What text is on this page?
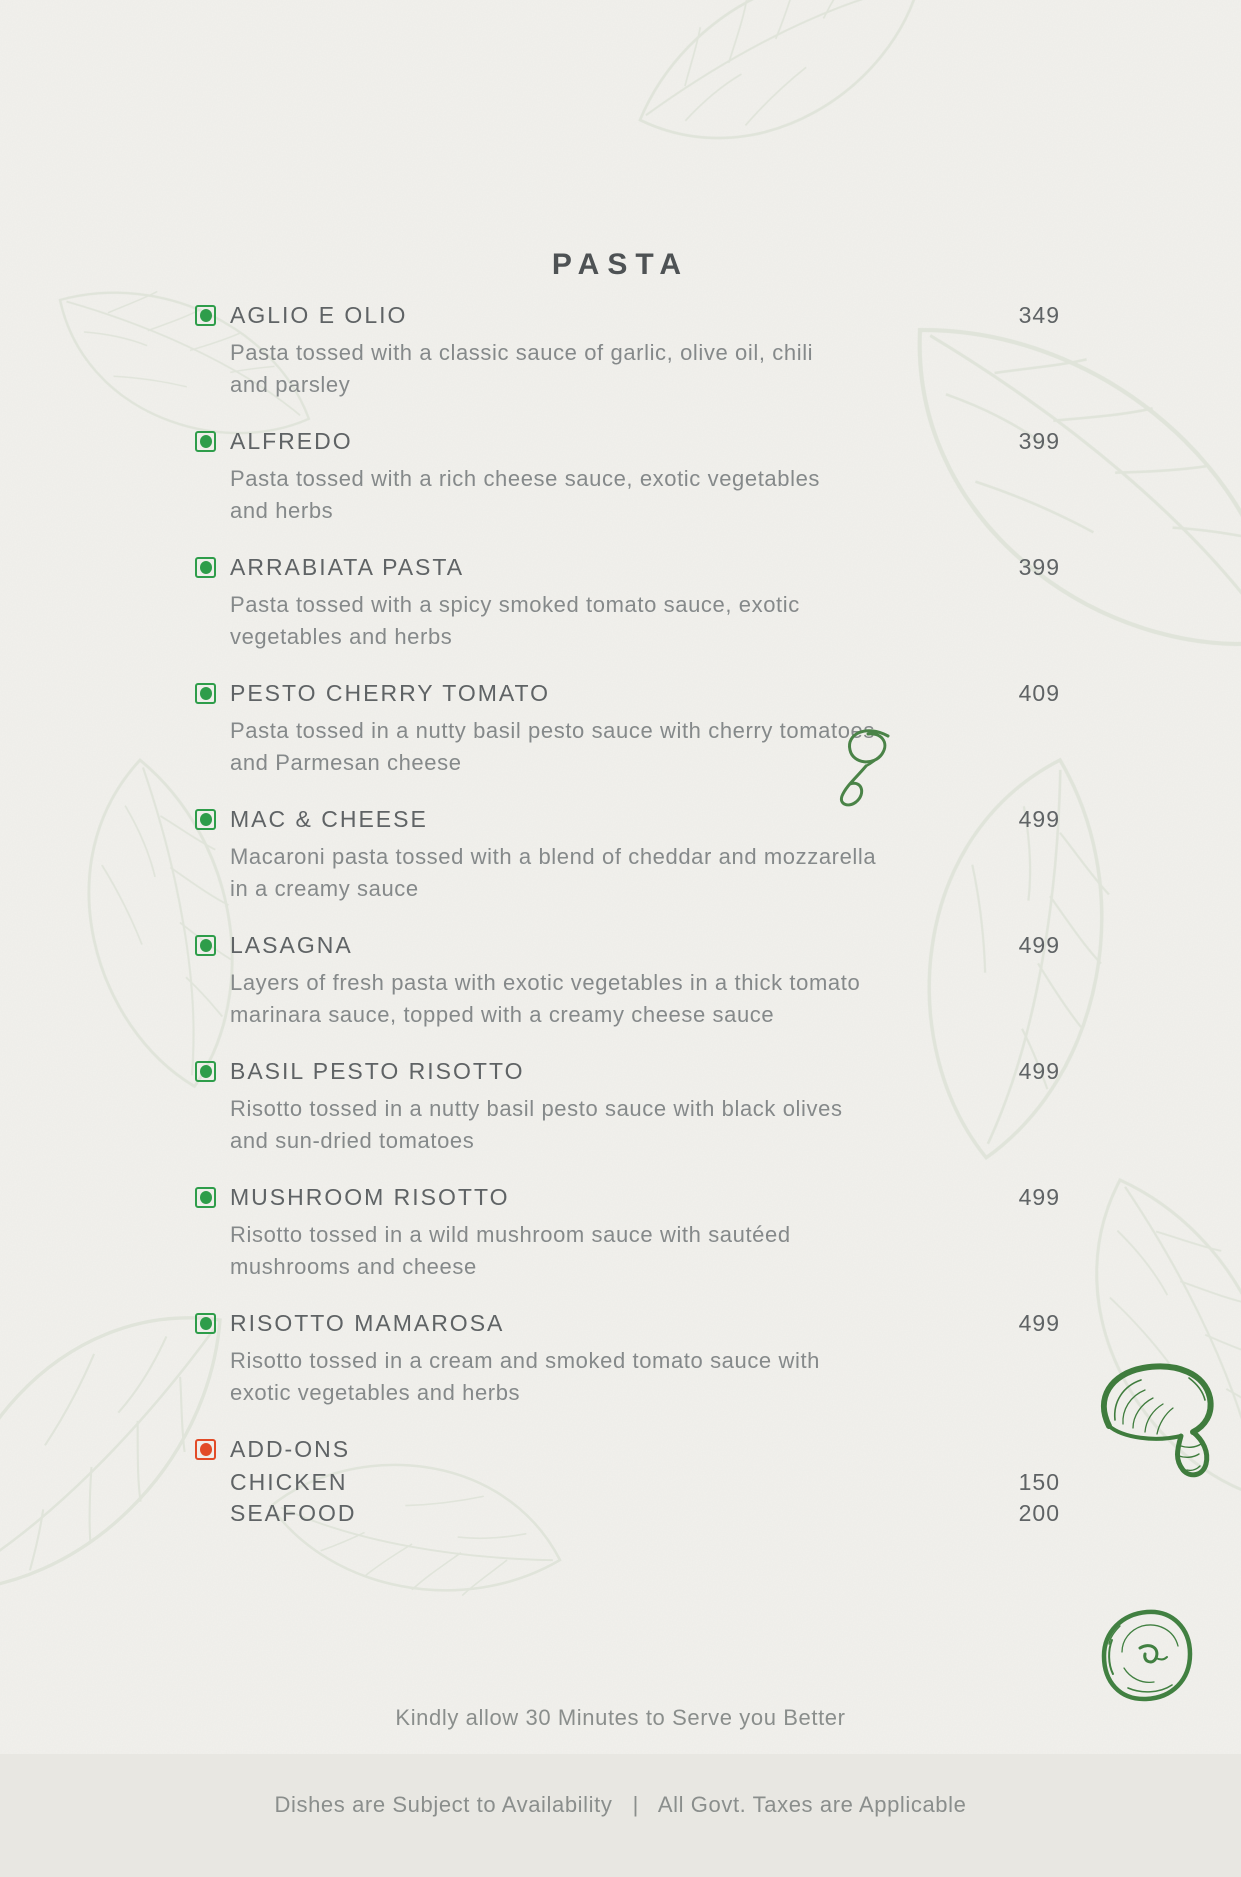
PASTA
AGLIO E OLIO	349
Pasta tossed with a classic sauce of garlic, olive oil, chili
and parsley
ALFREDO	399
Pasta tossed with a rich cheese sauce, exotic vegetables
and herbs
ARRABIATA PASTA	399
Pasta tossed with a spicy smoked tomato sauce, exotic
vegetables and herbs
PESTO CHERRY TOMATO	409
Pasta tossed in a nutty basil pesto sauce with cherry tomatoes
and Parmesan cheese
MAC & CHEESE	499
Macaroni pasta tossed with a blend of cheddar and mozzarella
in a creamy sauce
LASAGNA	499
Layers of fresh pasta with exotic vegetables in a thick tomato
marinara sauce, topped with a creamy cheese sauce
BASIL PESTO RISOTTO	499
Risotto tossed in a nutty basil pesto sauce with black olives
and sun-dried tomatoes
MUSHROOM RISOTTO	499
Risotto tossed in a wild mushroom sauce with sautéed
mushrooms and cheese
RISOTTO MAMAROSA	499
Risotto tossed in a cream and smoked tomato sauce with
exotic vegetables and herbs
ADD-ONS
CHICKEN	150
SEAFOOD	200

Kindly allow 30 Minutes to Serve you Better

Dishes are Subject to Availability   |   All Govt. Taxes are Applicable
